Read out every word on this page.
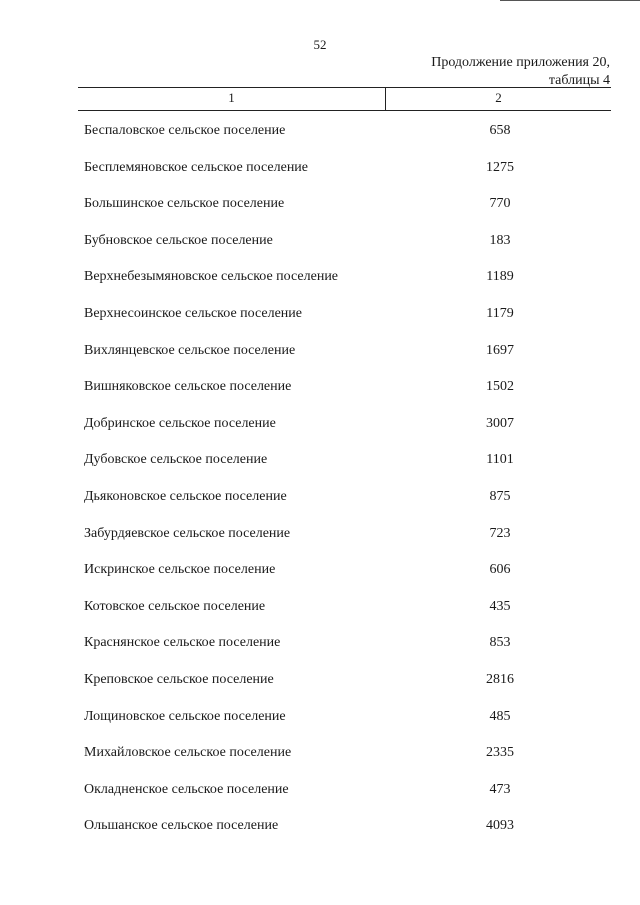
52
Продолжение приложения 20,
таблицы 4
1	2
Беспаловское сельское поселение	658
Бесплемяновское сельское поселение	1275
Большинское сельское поселение	770
Бубновское сельское поселение	183
Верхнебезымяновское сельское поселение	1189
Верхнесоинское сельское поселение	1179
Вихлянцевское сельское поселение	1697
Вишняковское сельское поселение	1502
Добринское сельское поселение	3007
Дубовское сельское поселение	1101
Дьяконовское сельское поселение	875
Забурдяевское сельское поселение	723
Искринское сельское поселение	606
Котовское сельское поселение	435
Краснянское сельское поселение	853
Креповское сельское поселение	2816
Лощиновское сельское поселение	485
Михайловское сельское поселение	2335
Окладненское сельское поселение	473
Ольшанское сельское поселение	4093
